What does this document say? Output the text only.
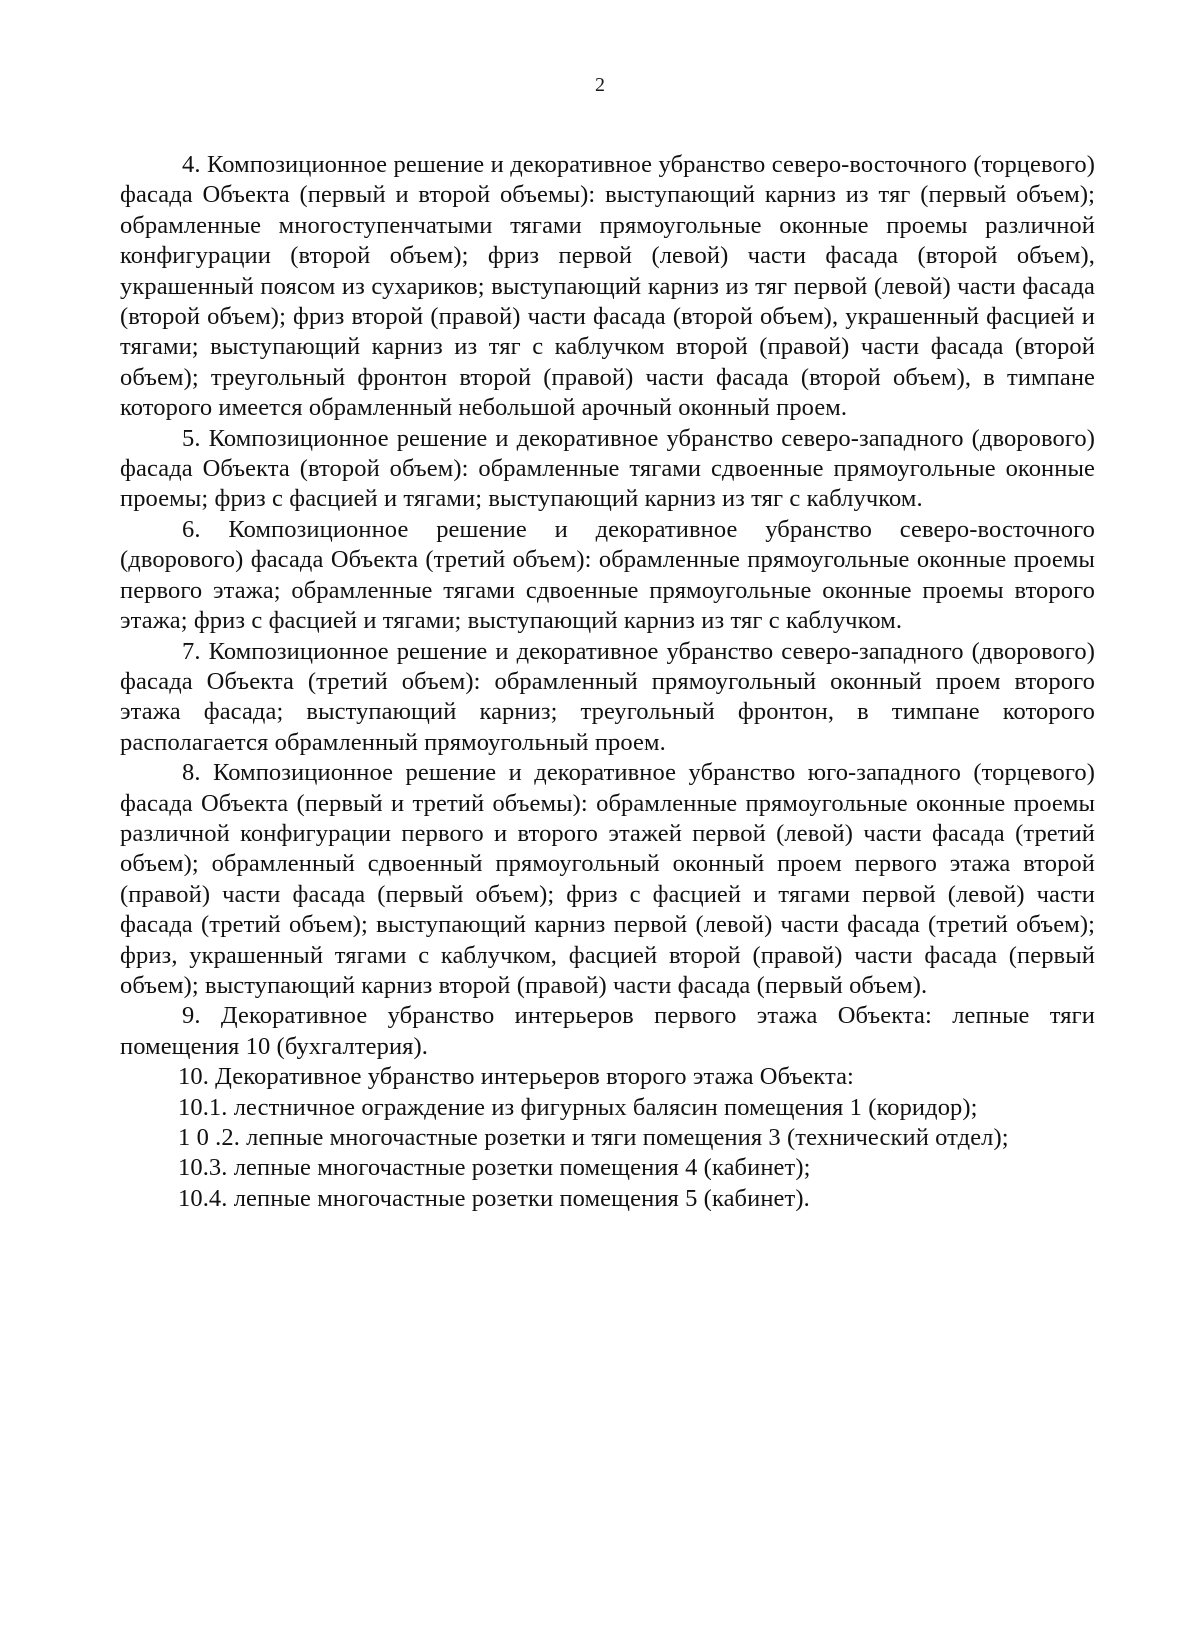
2

4. Композиционное решение и декоративное убранство северо-восточного (торцевого) фасада Объекта (первый и второй объемы): выступающий карниз из тяг (первый объем); обрамленные многоступенчатыми тягами прямоугольные оконные проемы различной конфигурации (второй объем); фриз первой (левой) части фасада (второй объем), украшенный поясом из сухариков; выступающий карниз из тяг первой (левой) части фасада (второй объем); фриз второй (правой) части фасада (второй объем), украшенный фасцией и тягами; выступающий карниз из тяг с каблучком второй (правой) части фасада (второй объем); треугольный фронтон второй (правой) части фасада (второй объем), в тимпане которого имеется обрамленный небольшой арочный оконный проем.

5. Композиционное решение и декоративное убранство северо-западного (дворового) фасада Объекта (второй объем): обрамленные тягами сдвоенные прямоугольные оконные проемы; фриз с фасцией и тягами; выступающий карниз из тяг с каблучком.

6. Композиционное решение и декоративное убранство северо-восточного (дворового) фасада Объекта (третий объем): обрамленные прямоугольные оконные проемы первого этажа; обрамленные тягами сдвоенные прямоугольные оконные проемы второго этажа; фриз с фасцией и тягами; выступающий карниз из тяг с каблучком.

7. Композиционное решение и декоративное убранство северо-западного (дворового) фасада Объекта (третий объем): обрамленный прямоугольный оконный проем второго этажа фасада; выступающий карниз; треугольный фронтон, в тимпане которого располагается обрамленный прямоугольный проем.

8. Композиционное решение и декоративное убранство юго-западного (торцевого) фасада Объекта (первый и третий объемы): обрамленные прямоугольные оконные проемы различной конфигурации первого и второго этажей первой (левой) части фасада (третий объем); обрамленный сдвоенный прямоугольный оконный проем первого этажа второй (правой) части фасада (первый объем); фриз с фасцией и тягами первой (левой) части фасада (третий объем); выступающий карниз первой (левой) части фасада (третий объем); фриз, украшенный тягами с каблучком, фасцией второй (правой) части фасада (первый объем); выступающий карниз второй (правой) части фасада (первый объем).

9. Декоративное убранство интерьеров первого этажа Объекта: лепные тяги помещения 10 (бухгалтерия).

10. Декоративное убранство интерьеров второго этажа Объекта:

10.1. лестничное ограждение из фигурных балясин помещения 1 (коридор);

1 0 .2. лепные многочастные розетки и тяги помещения 3 (технический отдел);

10.3. лепные многочастные розетки помещения 4 (кабинет);

10.4. лепные многочастные розетки помещения 5 (кабинет).
